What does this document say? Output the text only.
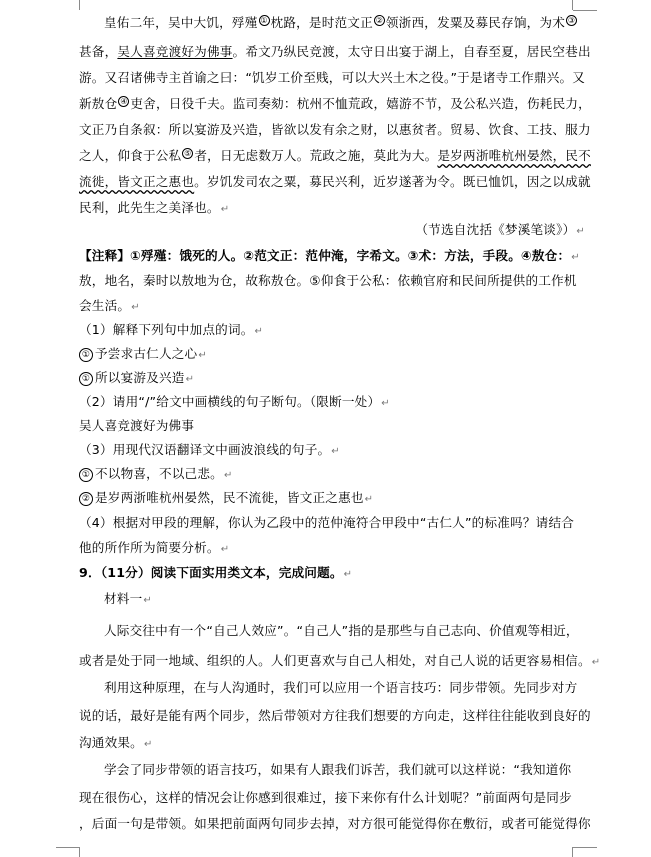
皇佑二年，吴中大饥，殍殣 ① 枕路，是时范文正 ② 领浙西，发粟及募民存饷，为术 ③
甚备，吴人喜竞渡好为佛事。希文乃纵民竞渡，太守日出宴于湖上，自春至夏，居民空巷出
游。又召诸佛寺主首谕之曰：“饥岁工价至贱，可以大兴土木之役。”于是诸寺工作鼎兴。又
新敖仓 ④ 吏舍，日役千夫。监司奏劾：杭州不恤荒政，嬉游不节，及公私兴造，伤耗民力，
文正乃自条叙：所以宴游及兴造，皆欲以发有余之财，以惠贫者。贸易、饮食、工技、服力
之人，仰食于公私 ⑤ 者，日无虑数万人。荒政之施，莫此为大。是岁两浙唯杭州晏然，民不
流徙，皆文正之惠也。岁饥发司农之粟，募民兴利，近岁遂著为令。既已恤饥，因之以成就
民利，此先生之美泽也。↵
（节选自沈括《梦溪笔谈》）↵
【注释】①殍殣：饿死的人。②范文正：范仲淹，字希文。③术：方法，手段。④敖仓：↵
敖，地名，秦时以敖地为仓，故称敖仓。⑤仰食于公私：依赖官府和民间所提供的工作机
会生活。↵
（1）解释下列句中加点的词。↵
① 予尝求古仁人之心↵
① 所以宴游及兴造↵
（2）请用“/”给文中画横线的句子断句。（限断一处）↵
吴人喜竞渡好为佛事
（3）用现代汉语翻译文中画波浪线的句子。↵
① 不以物喜，不以己悲。↵
② 是岁两浙唯杭州晏然，民不流徙，皆文正之惠也↵
（4）根据对甲段的理解，你认为乙段中的范仲淹符合甲段中“古仁人”的标准吗？请结合
他的所作所为简要分析。↵
9．（11分）阅读下面实用类文本，完成问题。↵
材料一↵
人际交往中有一个“自己人效应”。“自己人”指的是那些与自己志向、价值观等相近，
或者是处于同一地域、组织的人。人们更喜欢与自己人相处，对自己人说的话更容易相信。↵
利用这种原理，在与人沟通时，我们可以应用一个语言技巧：同步带领。先同步对方
说的话，最好是能有两个同步，然后带领对方往我们想要的方向走，这样往往能收到良好的
沟通效果。↵
学会了同步带领的语言技巧，如果有人跟我们诉苦，我们就可以这样说：“我知道你
现在很伤心，这样的情况会让你感到很难过，接下来你有什么计划呢？”前面两句是同步
，后面一句是带领。如果把前面两句同步去掉，对方很可能觉得你在敷衍，或者可能觉得你
